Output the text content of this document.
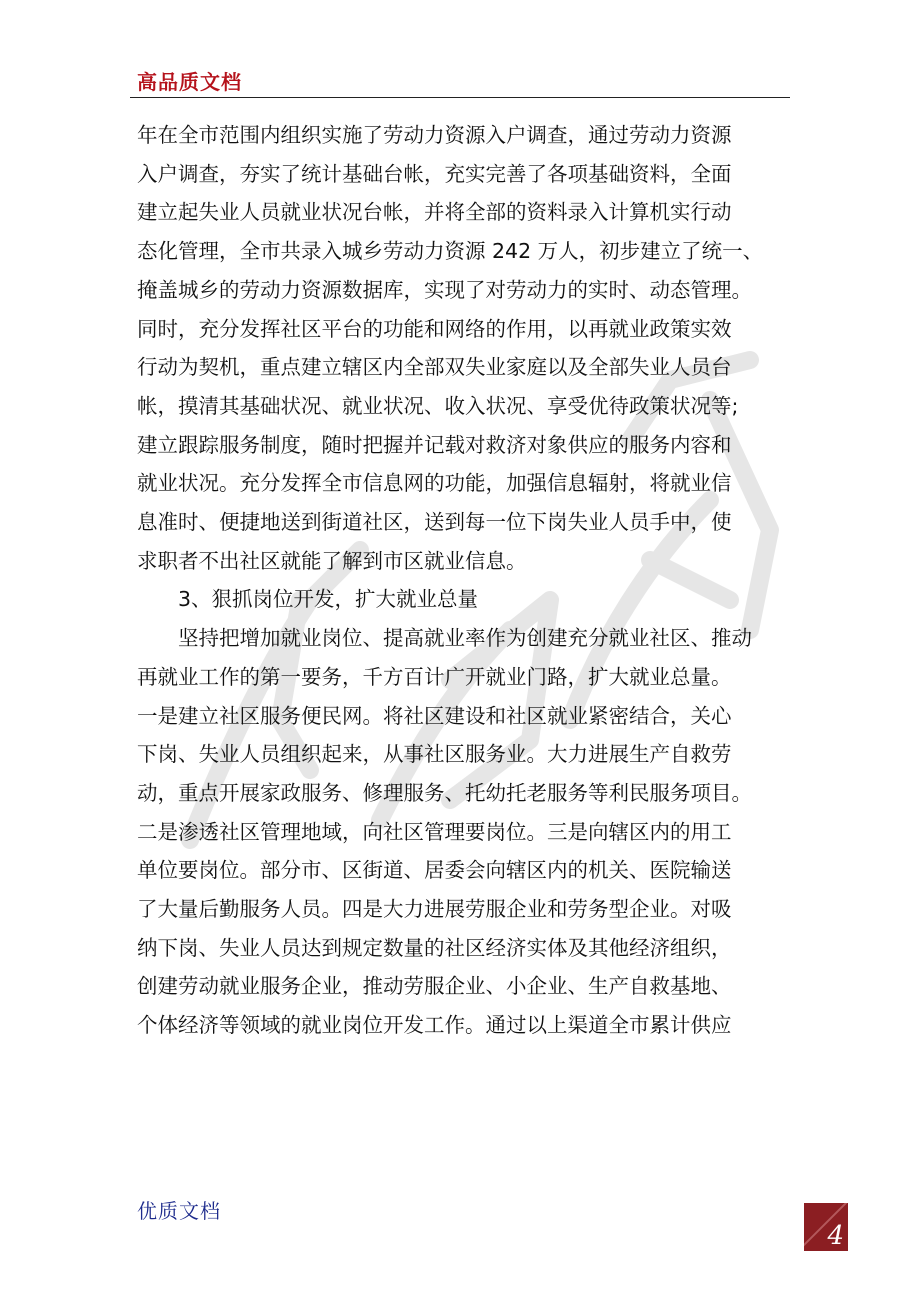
高品质文档

年在全市范围内组织实施了劳动力资源入户调查，通过劳动力资源

入户调查，夯实了统计基础台帐，充实完善了各项基础资料，全面

建立起失业人员就业状况台帐，并将全部的资料录入计算机实行动

态化管理，全市共录入城乡劳动力资源 242 万人，初步建立了统一、

掩盖城乡的劳动力资源数据库，实现了对劳动力的实时、动态管理。

同时，充分发挥社区平台的功能和网络的作用，以再就业政策实效

行动为契机，重点建立辖区内全部双失业家庭以及全部失业人员台

帐，摸清其基础状况、就业状况、收入状况、享受优待政策状况等;

建立跟踪服务制度，随时把握并记载对救济对象供应的服务内容和

就业状况。充分发挥全市信息网的功能，加强信息辐射，将就业信

息准时、便捷地送到街道社区，送到每一位下岗失业人员手中，使

求职者不出社区就能了解到市区就业信息。

3、狠抓岗位开发，扩大就业总量

坚持把增加就业岗位、提高就业率作为创建充分就业社区、推动

再就业工作的第一要务，千方百计广开就业门路，扩大就业总量。

一是建立社区服务便民网。将社区建设和社区就业紧密结合，关心

下岗、失业人员组织起来，从事社区服务业。大力进展生产自救劳

动，重点开展家政服务、修理服务、托幼托老服务等利民服务项目。

二是渗透社区管理地域，向社区管理要岗位。三是向辖区内的用工

单位要岗位。部分市、区街道、居委会向辖区内的机关、医院输送

了大量后勤服务人员。四是大力进展劳服企业和劳务型企业。对吸

纳下岗、失业人员达到规定数量的社区经济实体及其他经济组织，

创建劳动就业服务企业，推动劳服企业、小企业、生产自救基地、

个体经济等领域的就业岗位开发工作。通过以上渠道全市累计供应

优质文档
4
